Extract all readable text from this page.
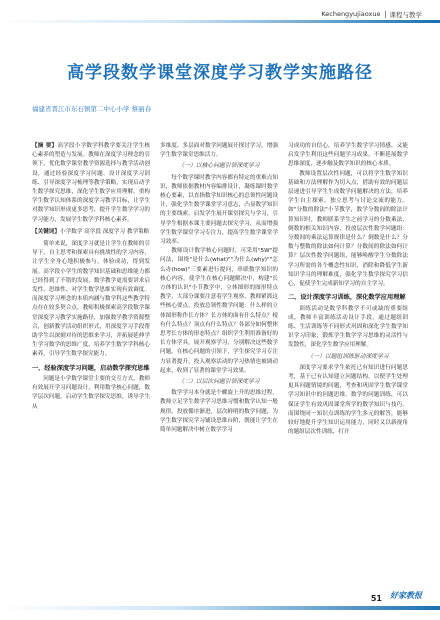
Kechengyujiaoxue 课程与教学
高学段数学课堂深度学习教学实施路径
福建省晋江市东石镇第二中心小学 蔡丽春

【摘 要】高学段小学数学科教学要关注学生核心素养的塑造与发展。教师在深度学习理念的引领下，优化数学课堂教学资源选择与教学活动创设，通过经验深度学习问题、设计深度学习训练、引导深度学习梳理等教学策略，实现启动学生数学探究思维，深化学生数学应用理解，重构学生数学认知体系的深度学习教学目标，让学生对数学知识形成更多思考，提升学生数学学习的学习能力，发展学生数学学科核心素养。

【关键词】小学数学 高学段 深度学习 教学策略

简单来说，深度学习就是让学生在教师的引导下，自主思考和探索具有挑战性的学习内容，让学生全身心地积极参与，体验成功，得到发展。高学段小学生的数学知识基础和思维能力都已经得到了不错的发展，数学教学更需要讲求启发性、思维性、对学生数学思维实现有效调度。而深度学习理念的本质内涵与数学科这些教学特点存在较多契合点，教师积极探索高学段数学课堂深度学习教学实施路径，加强数学教学资源整合，创新教学活动组织形式，用深度学习手段帮助学生以深刻对待的思维来学习，并拓展延伸学生学习数学的思维广度，培养学生数学学科核心素养，引导学生数学探究能力。

一、经验深度学习问题，启动数学探究思维

问题是小学数学课堂主要的交互方式，教师有效展开学习问题设计，利用数学核心问题，数学层次问题，启动学生数学探究思维，诱导学生从

多维度、多层面对数学问题展开探讨学习，增强学生数学课堂思维活力。

（一）以核心问题引领深度学习

每个数学课时教学内容都有特定的重难点知识，教师依据教材内容编排设计，凝练课时数学核心要素，以直指数学知识核心的总领性问题设计，强化学生数学课堂学习意志，凸显数学知识的主要线索，启发学生展开课堂探究与学习，引导学生根据本课主要问题去探究学习，从而增强学生数学课堂学习专注力，提高学生数学课堂学习效率。

教师设计数学核心问题时，可采用"5W"提问法，围绕"是什么(what)""为什么(why)""怎么办(how)"三要素进行提问，串联数学知识的核心内容，使学生在核心问题解决中，构建"长方体的认识"小节教学中，立体图形的图形特点教学，大部分课要注意着学生观察，教师紧抓这些核心要点，投放总领性数学问题：什么样的立体图形称作长方体？长方体的面有什么特点？棱有什么特点？顶点有什么特点？各部分如何整体思考长方体的形态特点？组织学生利用准备好的长方体学具，展开观察学习，分别解决这些数学问题。在核心问题的引领下，学生探究学习专注力显著提升，投入观察活动的学习热情也被调动起来，收到了显著的课堂学习效果。

（二）以层次问题引领深度学习

数学学习本身就是个螺旋上升的思维过程，教师立足学生数学学习思维习惯和数学认知一般规律，投放循序渐进，层次鲜明的数学问题，为学生数学探究学习铺设思维台阶，既能让学生在简单问题解决中树立数学学习

习成功的自信心，培养学生数学学习情感，又能启发学生利用这些问题学习成果，不断延展数学思维深度，逐步触及数学知识的核心本质。

教师设置层次性问题，可以将学生数学知识基础和方法理解作为切入点，借助有效的问题层层递进引导学生生成数学问题解决的方法，培养学生自主探索、独立思考与讨论交流的能力。如"分数的除法"小节教学，数学分数间的除法计算知识时，教师联系学生之前学习的分数乘法，倒数的相关知识内容，投放层次性数学问题组：分数间的乘法运算规律是什么？倒数是什么？分数与整数的除法如何计算？分数间的除法如何计算？层次性数学问题组，能够唤醒学生分数除法学习所需的各个概念性知识，消除和降低学生新知识学习的理解难度，强化学生数学探究学习信心，促使学生完成新知学习的自主学习。

二、设计深度学习训练，深化数学应用理解

训练活动是数学科教学不可或缺的重要组成，教师丰富训练活动设计手段，通过题组训练、生活训练等不同形式巩固和深化学生数学知识学习印象，锻炼学生数学学习思维的灵活性与发散性，深化学生数学应用理解。

（一）以题组训练驱动深度学习

深度学习要求学生依托已有知识进行问题思考，基于已有认知建立问题结构，以便学生处理更具问题情境的问题，考查和巩固学生数学课堂学习知识中的问题思维。数学的问题训练，可以保证学生有效巩固课堂所学的数学知识与技巧。而围绕同一知识点训练的学生多元的解答，能够较好地提升学生知识运用能力，同时又以新视角的题组层次性训练，打开

51 好家教报
